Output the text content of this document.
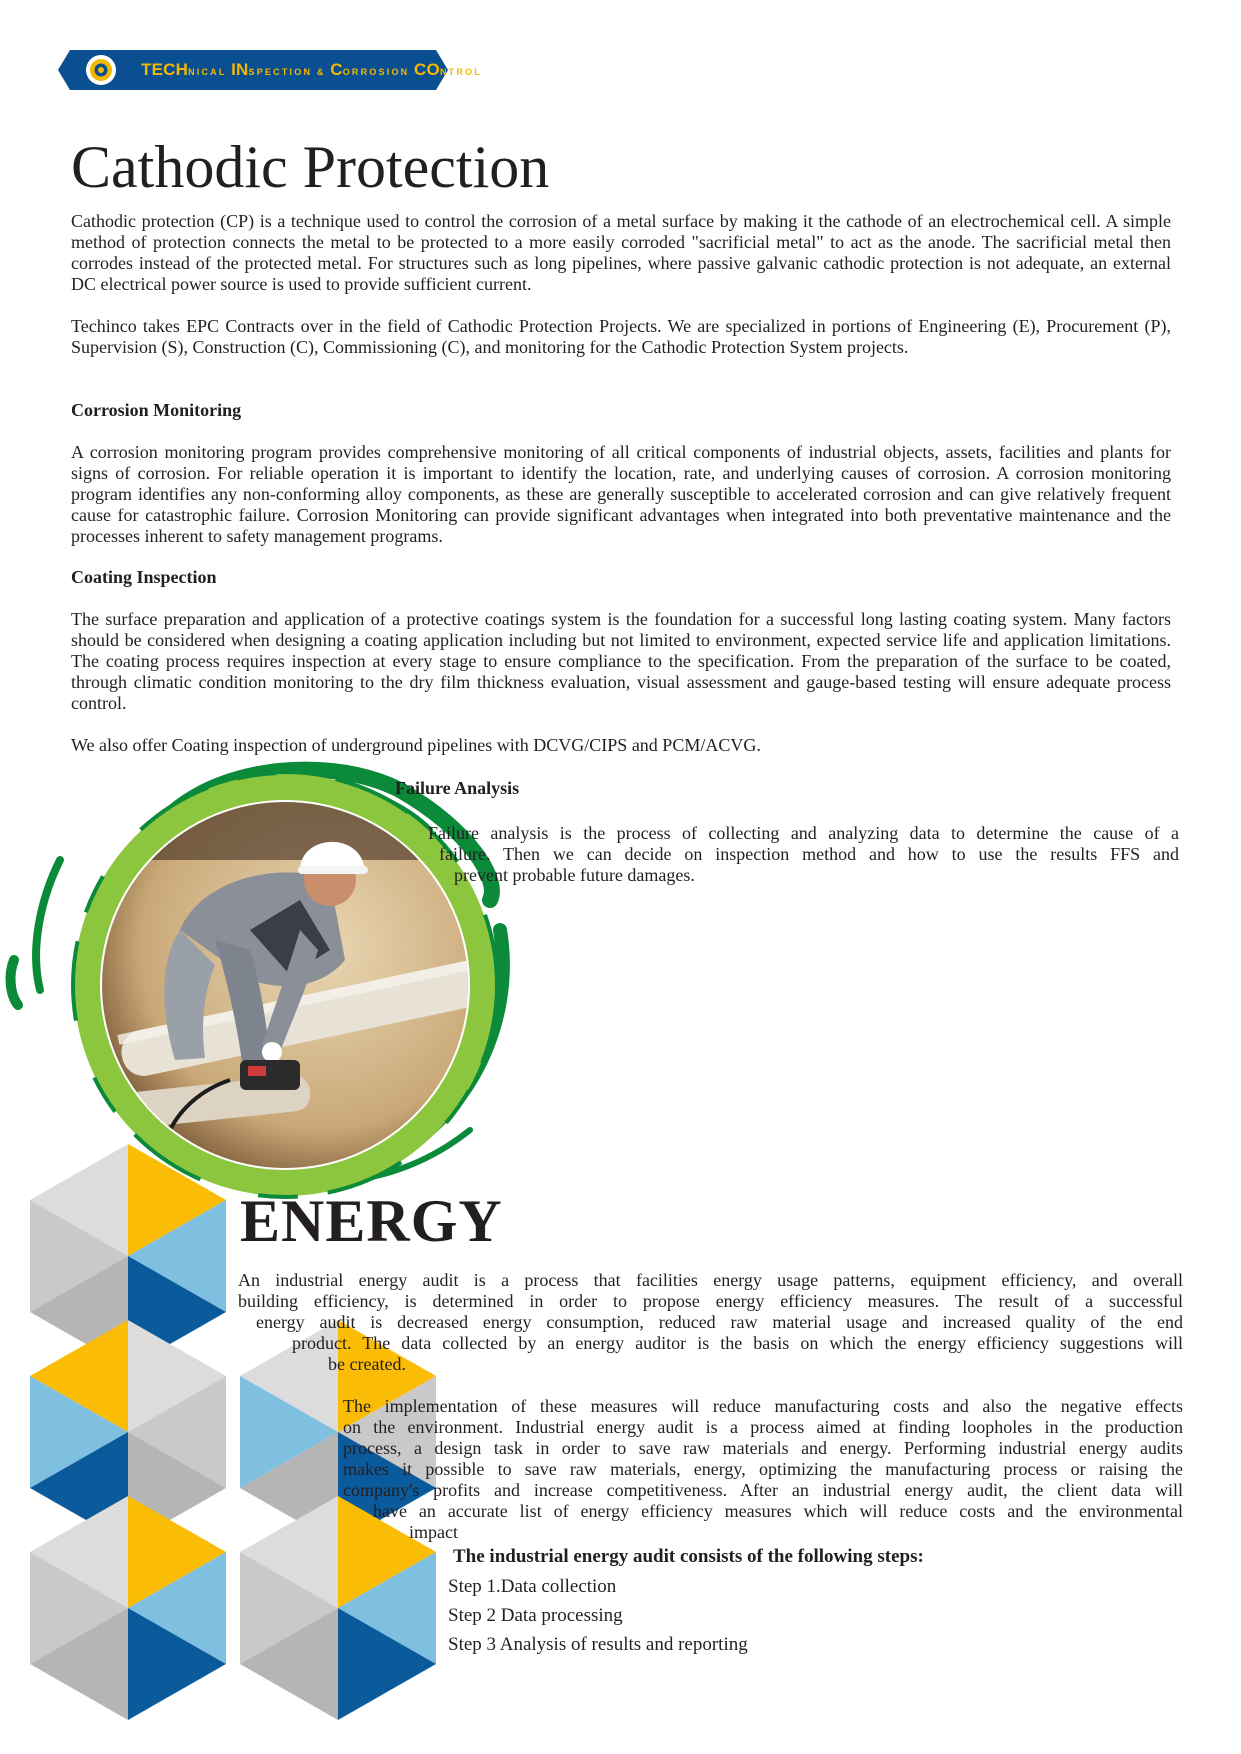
TECHNICAL INSPECTION & CORROSION CONTROL
Cathodic Protection

Cathodic protection (CP) is a technique used to control the corrosion of a metal surface by making it the cathode of an electrochemical cell. A simple method of protection connects the metal to be protected to a more easily corroded "sacrificial metal" to act as the anode. The sacrificial metal then corrodes instead of the protected metal. For structures such as long pipelines, where passive galvanic cathodic protection is not adequate, an external DC electrical power source is used to provide sufficient current.

Techinco takes EPC Contracts over in the field of Cathodic Protection Projects. We are specialized in portions of Engineering (E), Procurement (P), Supervision (S), Construction (C), Commissioning (C), and monitoring for the Cathodic Protection System projects.

Corrosion Monitoring

A corrosion monitoring program provides comprehensive monitoring of all critical components of industrial objects, assets, facilities and plants for signs of corrosion. For reliable operation it is important to identify the location, rate, and underlying causes of corrosion. A corrosion monitoring program identifies any non-conforming alloy components, as these are generally susceptible to accelerated corrosion and can give relatively frequent cause for catastrophic failure. Corrosion Monitoring can provide significant advantages when integrated into both preventative maintenance and the processes inherent to safety management programs.

Coating Inspection

The surface preparation and application of a protective coatings system is the foundation for a successful long lasting coating system. Many factors should be considered when designing a coating application including but not limited to environment, expected service life and application limitations. The coating process requires inspection at every stage to ensure compliance to the specification. From the preparation of the surface to be coated, through climatic condition monitoring to the dry film thickness evaluation, visual assessment and gauge-based testing will ensure adequate process control.

We also offer Coating inspection of underground pipelines with DCVG/CIPS and PCM/ACVG.

Failure Analysis

Failure analysis is the process of collecting and analyzing data to determine the cause of a
failure. Then we can decide on inspection method and how to use the results FFS and
prevent probable future damages.
ENERGY
An industrial energy audit is a process that facilities energy usage patterns, equipment efficiency, and overall
building efficiency, is determined in order to propose energy efficiency measures. The result of a successful
energy audit is decreased energy consumption, reduced raw material usage and increased quality of the end
product. The data collected by an energy auditor is the basis on which the energy efficiency suggestions will
be created.
The implementation of these measures will reduce manufacturing costs and also the negative effects
on the environment. Industrial energy audit is a process aimed at finding loopholes in the production
process, a design task in order to save raw materials and energy. Performing industrial energy audits
makes it possible to save raw materials, energy, optimizing the manufacturing process or raising the
company's profits and increase competitiveness. After an industrial energy audit, the client data will
have an accurate list of energy efficiency measures which will reduce costs and the environmental
impact

The industrial energy audit consists of the following steps:

Step 1.Data collection
Step 2 Data processing
Step 3 Analysis of results and reporting
